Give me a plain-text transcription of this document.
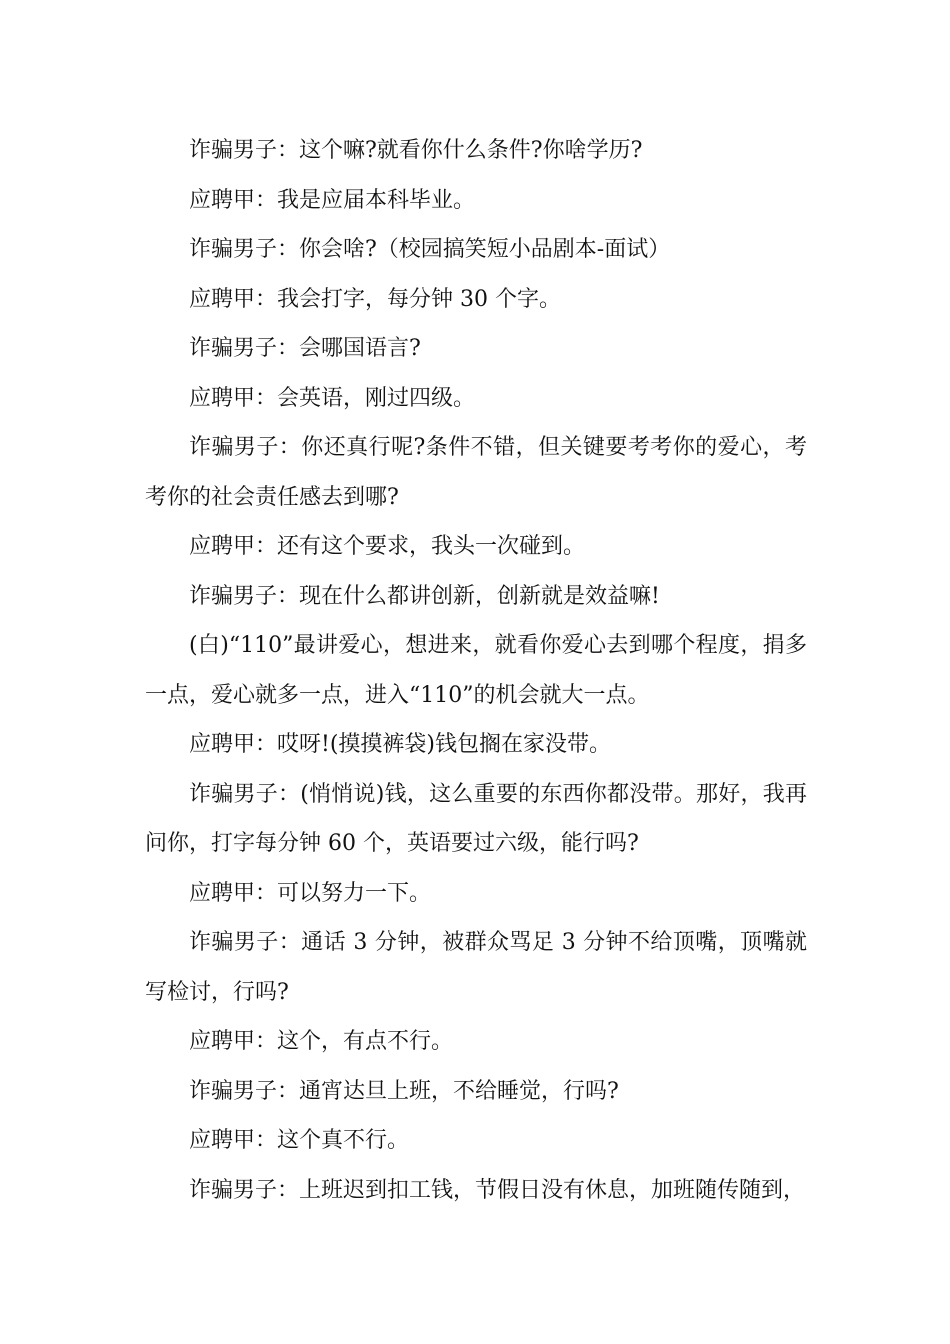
诈骗男子：这个嘛?就看你什么条件?你啥学历?

应聘甲：我是应届本科毕业。

诈骗男子：你会啥?（校园搞笑短小品剧本-面试）

应聘甲：我会打字，每分钟 30 个字。

诈骗男子：会哪国语言?

应聘甲：会英语，刚过四级。

诈骗男子：你还真行呢?条件不错，但关键要考考你的爱心，考考你的社会责任感去到哪?

应聘甲：还有这个要求，我头一次碰到。

诈骗男子：现在什么都讲创新，创新就是效益嘛!

(白)“110”最讲爱心，想进来，就看你爱心去到哪个程度，捐多一点，爱心就多一点，进入“110”的机会就大一点。

应聘甲：哎呀!(摸摸裤袋)钱包搁在家没带。

诈骗男子：(悄悄说)钱，这么重要的东西你都没带。那好，我再问你，打字每分钟 60 个，英语要过六级，能行吗?

应聘甲：可以努力一下。

诈骗男子：通话 3 分钟，被群众骂足 3 分钟不给顶嘴，顶嘴就写检讨，行吗?

应聘甲：这个，有点不行。

诈骗男子：通宵达旦上班，不给睡觉，行吗?

应聘甲：这个真不行。

诈骗男子：上班迟到扣工钱，节假日没有休息，加班随传随到，
